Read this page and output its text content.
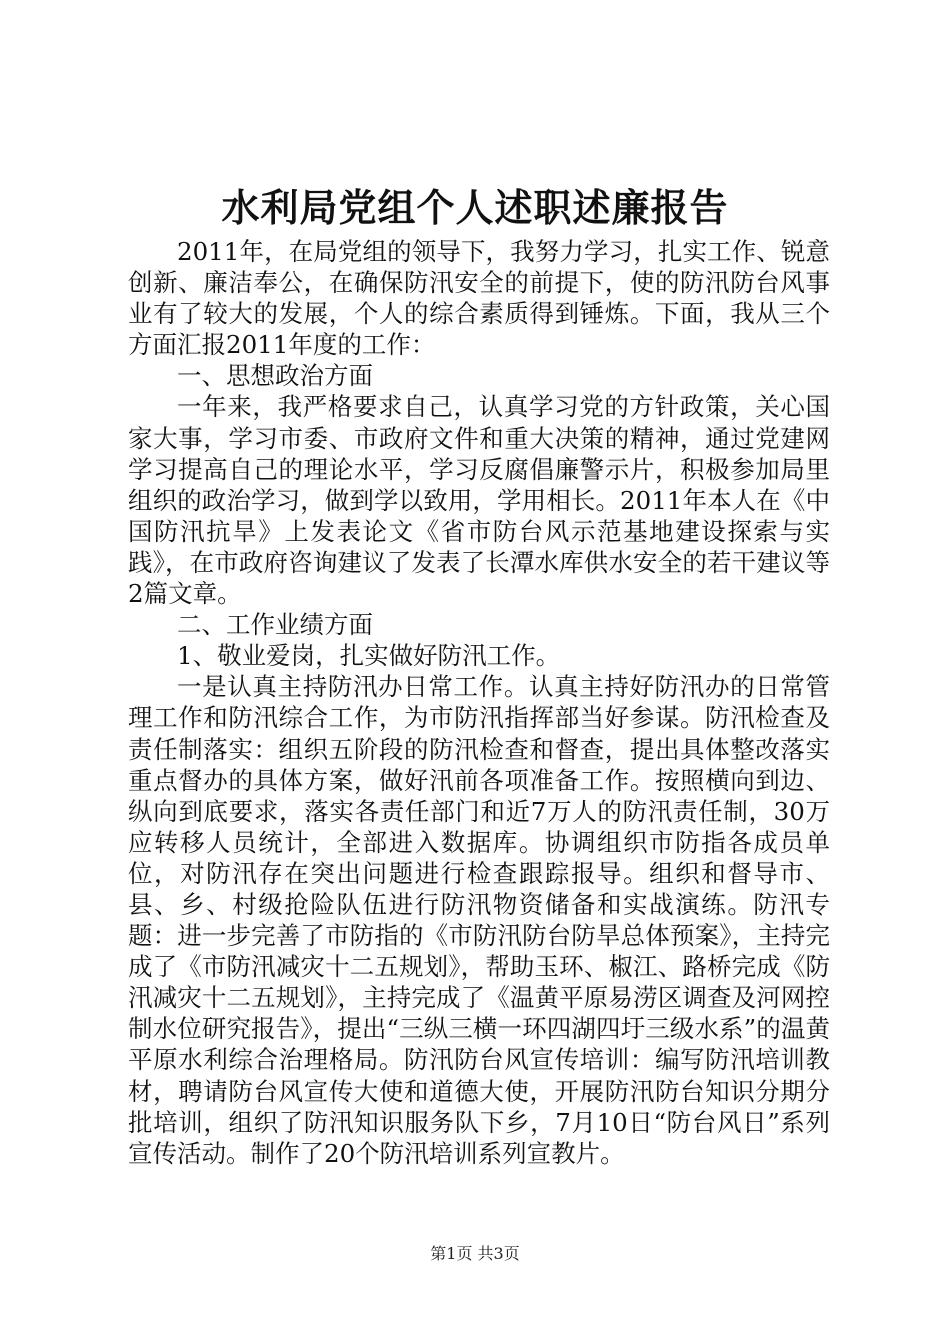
水利局党组个人述职述廉报告

2011年，在局党组的领导下，我努力学习，扎实工作、锐意创新、廉洁奉公，在确保防汛安全的前提下，使的防汛防台风事业有了较大的发展，个人的综合素质得到锤炼。下面，我从三个方面汇报2011年度的工作：

一、思想政治方面

一年来，我严格要求自己，认真学习党的方针政策，关心国家大事，学习市委、市政府文件和重大决策的精神，通过党建网学习提高自己的理论水平，学习反腐倡廉警示片，积极参加局里组织的政治学习，做到学以致用，学用相长。2011年本人在《中国防汛抗旱》上发表论文《省市防台风示范基地建设探索与实践》，在市政府咨询建议了发表了长潭水库供水安全的若干建议等2篇文章。

二、工作业绩方面

1、敬业爱岗，扎实做好防汛工作。

一是认真主持防汛办日常工作。认真主持好防汛办的日常管理工作和防汛综合工作，为市防汛指挥部当好参谋。防汛检查及责任制落实：组织五阶段的防汛检查和督查，提出具体整改落实重点督办的具体方案，做好汛前各项准备工作。按照横向到边、纵向到底要求，落实各责任部门和近7万人的防汛责任制，30万应转移人员统计，全部进入数据库。协调组织市防指各成员单位，对防汛存在突出问题进行检查跟踪报导。组织和督导市、县、乡、村级抢险队伍进行防汛物资储备和实战演练。防汛专题：进一步完善了市防指的《市防汛防台防旱总体预案》，主持完成了《市防汛减灾十二五规划》，帮助玉环、椒江、路桥完成《防汛减灾十二五规划》，主持完成了《温黄平原易涝区调查及河网控制水位研究报告》，提出“三纵三横一环四湖四圩三级水系”的温黄平原水利综合治理格局。防汛防台风宣传培训：编写防汛培训教材，聘请防台风宣传大使和道德大使，开展防汛防台知识分期分批培训，组织了防汛知识服务队下乡，7月10日“防台风日”系列宣传活动。制作了20个防汛培训系列宣教片。

第1页 共3页
